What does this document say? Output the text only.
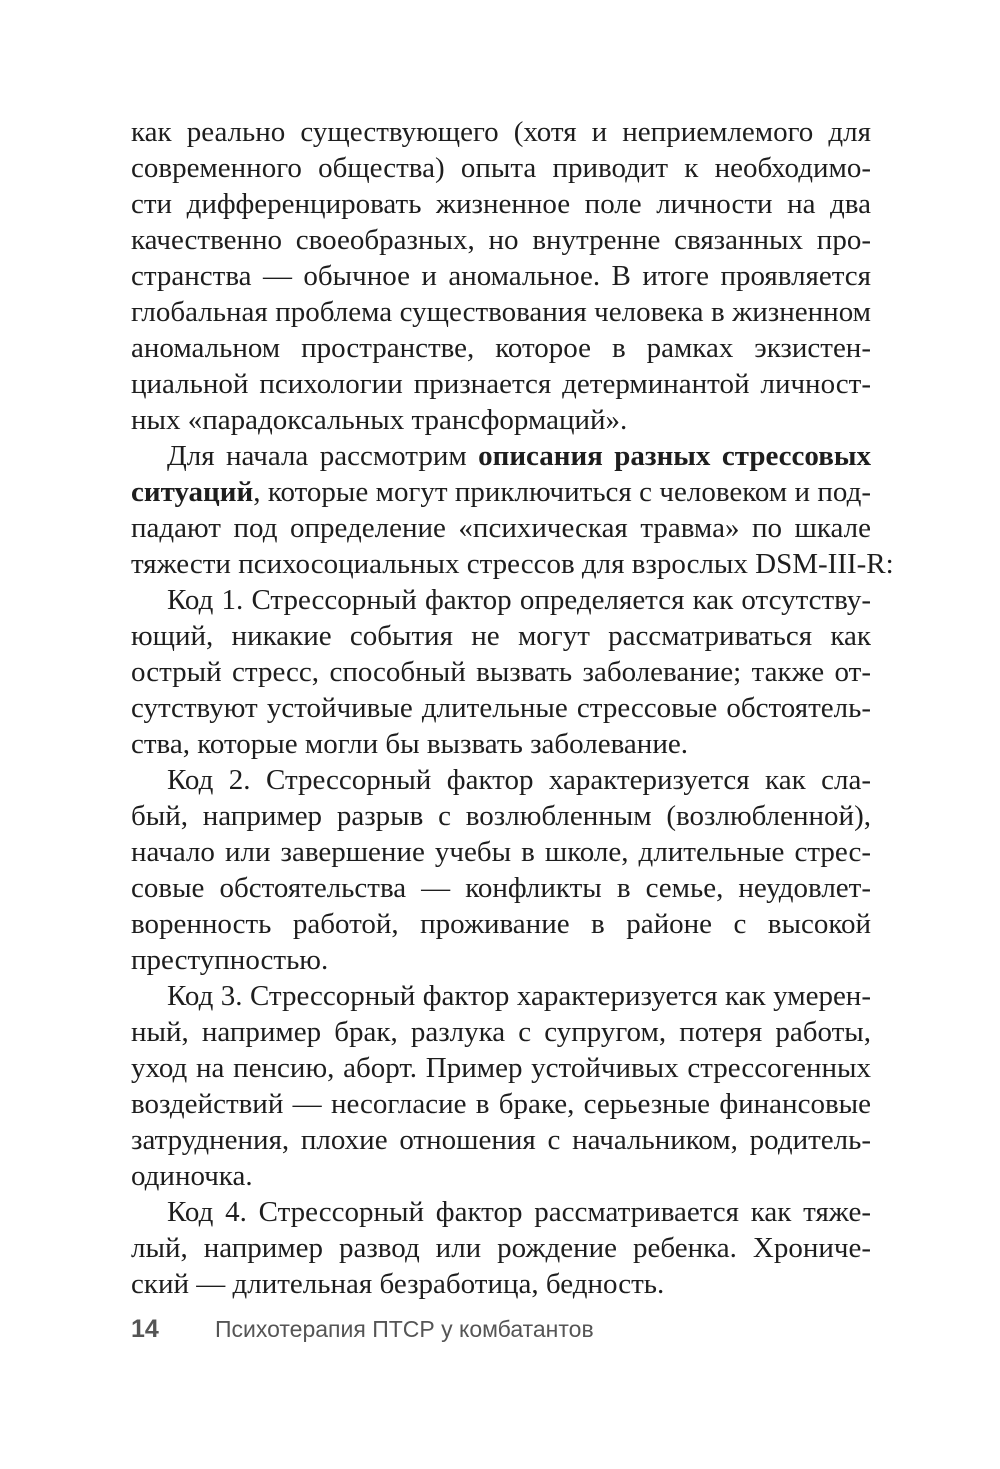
как реально существующего (хотя и неприемлемого для
современного общества) опыта приводит к необходимо-
сти дифференцировать жизненное поле личности на два
качественно своеобразных, но внутренне связанных про-
странства — обычное и аномальное. В итоге проявляется
глобальная проблема существования человека в жизненном
аномальном пространстве, которое в рамках экзистен-
циальной психологии признается детерминантой личност-
ных «парадоксальных трансформаций».
Для начала рассмотрим описания разных стрессовых
ситуаций, которые могут приключиться с человеком и под-
падают под определение «психическая травма» по шкале
тяжести психосоциальных стрессов для взрослых DSM-III-R:
Код 1. Стрессорный фактор определяется как отсутству-
ющий, никакие события не могут рассматриваться как
острый стресс, способный вызвать заболевание; также от-
сутствуют устойчивые длительные стрессовые обстоятель-
ства, которые могли бы вызвать заболевание.
Код 2. Стрессорный фактор характеризуется как сла-
бый, например разрыв с возлюбленным (возлюбленной),
начало или завершение учебы в школе, длительные стрес-
совые обстоятельства — конфликты в семье, неудовлет-
воренность работой, проживание в районе с высокой
преступностью.
Код 3. Стрессорный фактор характеризуется как умерен-
ный, например брак, разлука с супругом, потеря работы,
уход на пенсию, аборт. Пример устойчивых стрессогенных
воздействий — несогласие в браке, серьезные финансовые
затруднения, плохие отношения с начальником, родитель-
одиночка.
Код 4. Стрессорный фактор рассматривается как тяже-
лый, например развод или рождение ребенка. Хрониче-
ский — длительная безработица, бедность.
14 Психотерапия ПТСР у комбатантов
